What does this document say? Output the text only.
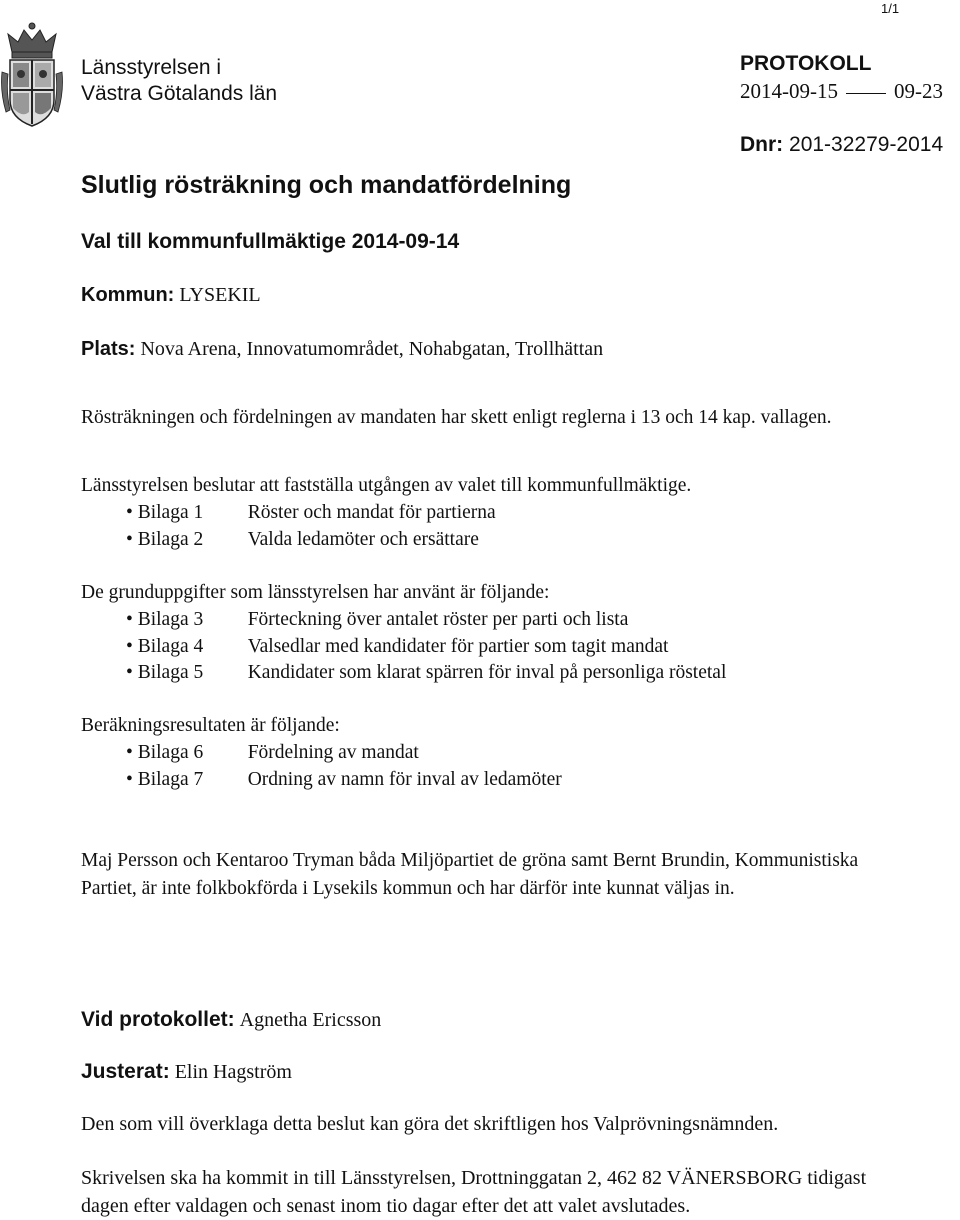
1/1
Länsstyrelsen i
Västra Götalands län
PROTOKOLL
2014-09-15	09-23
Dnr: 201-32279-2014
Slutlig rösträkning och mandatfördelning
Val till kommunfullmäktige 2014-09-14
Kommun: LYSEKIL
Plats: Nova Arena, Innovatumområdet, Nohabgatan, Trollhättan
Rösträkningen och fördelningen av mandaten har skett enligt reglerna i 13 och 14 kap. vallagen.
Länsstyrelsen beslutar att fastställa utgången av valet till kommunfullmäktige.
• Bilaga 1 Röster och mandat för partierna
• Bilaga 2 Valda ledamöter och ersättare
De grunduppgifter som länsstyrelsen har använt är följande:
• Bilaga 3 Förteckning över antalet röster per parti och lista
• Bilaga 4 Valsedlar med kandidater för partier som tagit mandat
• Bilaga 5 Kandidater som klarat spärren för inval på personliga röstetal
Beräkningsresultaten är följande:
• Bilaga 6 Fördelning av mandat
• Bilaga 7 Ordning av namn för inval av ledamöter
Maj Persson och Kentaroo Tryman båda Miljöpartiet de gröna samt Bernt Brundin, Kommunistiska Partiet, är inte folkbokförda i Lysekils kommun och har därför inte kunnat väljas in.
Vid protokollet: Agnetha Ericsson
Justerat: Elin Hagström
Den som vill överklaga detta beslut kan göra det skriftligen hos Valprövningsnämnden.
Skrivelsen ska ha kommit in till Länsstyrelsen, Drottninggatan 2, 462 82 VÄNERSBORG tidigast dagen efter valdagen och senast inom tio dagar efter det att valet avslutades.
